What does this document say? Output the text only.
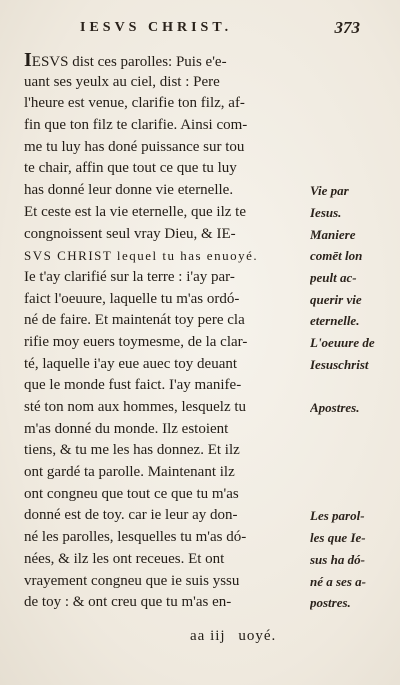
IESVS CHRIST.	373
IESVS dist ces parolles: Puis e'e-
uant ses yeulx au ciel, dist : Pere
l'heure est venue, clarifie ton filz, af-
fin que ton filz te clarifie. Ainsi com-
me tu luy has doné puissance sur tou
te chair, affin que tout ce que tu luy
has donné leur donne vie eternelle.
Et ceste est la vie eternelle, que ilz te
congnoissent seul vray Dieu, & IE-
SVS CHRIST lequel tu has enuoyé.
Ie t'ay clarifié sur la terre : i'ay par-
faict l'oeuure, laquelle tu m'as ordó-
né de faire. Et maintenát toy pere cla
rifie moy euers toymesme, de la clar-
té, laquelle i'ay eue auec toy deuant
que le monde fust faict. I'ay manife-
sté ton nom aux hommes, lesquelz tu
m'as donné du monde. Ilz estoient
tiens, & tu me les has donnez. Et ilz
ont gardé ta parolle. Maintenant ilz
ont congneu que tout ce que tu m'as
donné est de toy. car ie leur ay don-
né les parolles, lesquelles tu m'as dó-
nées, & ilz les ont receues. Et ont
vrayement congneu que ie suis yssu
de toy : & ont creu que tu m'as en-
Vie par
Iesus.
Maniere
comēt lon
peult ac-
querir vie
eternelle.
L'oeuure de
Iesuschrist
Apostres.
Les parol-
les que Ie-
sus ha dó-
né a ses a-
postres.
aa iij uoyé.
